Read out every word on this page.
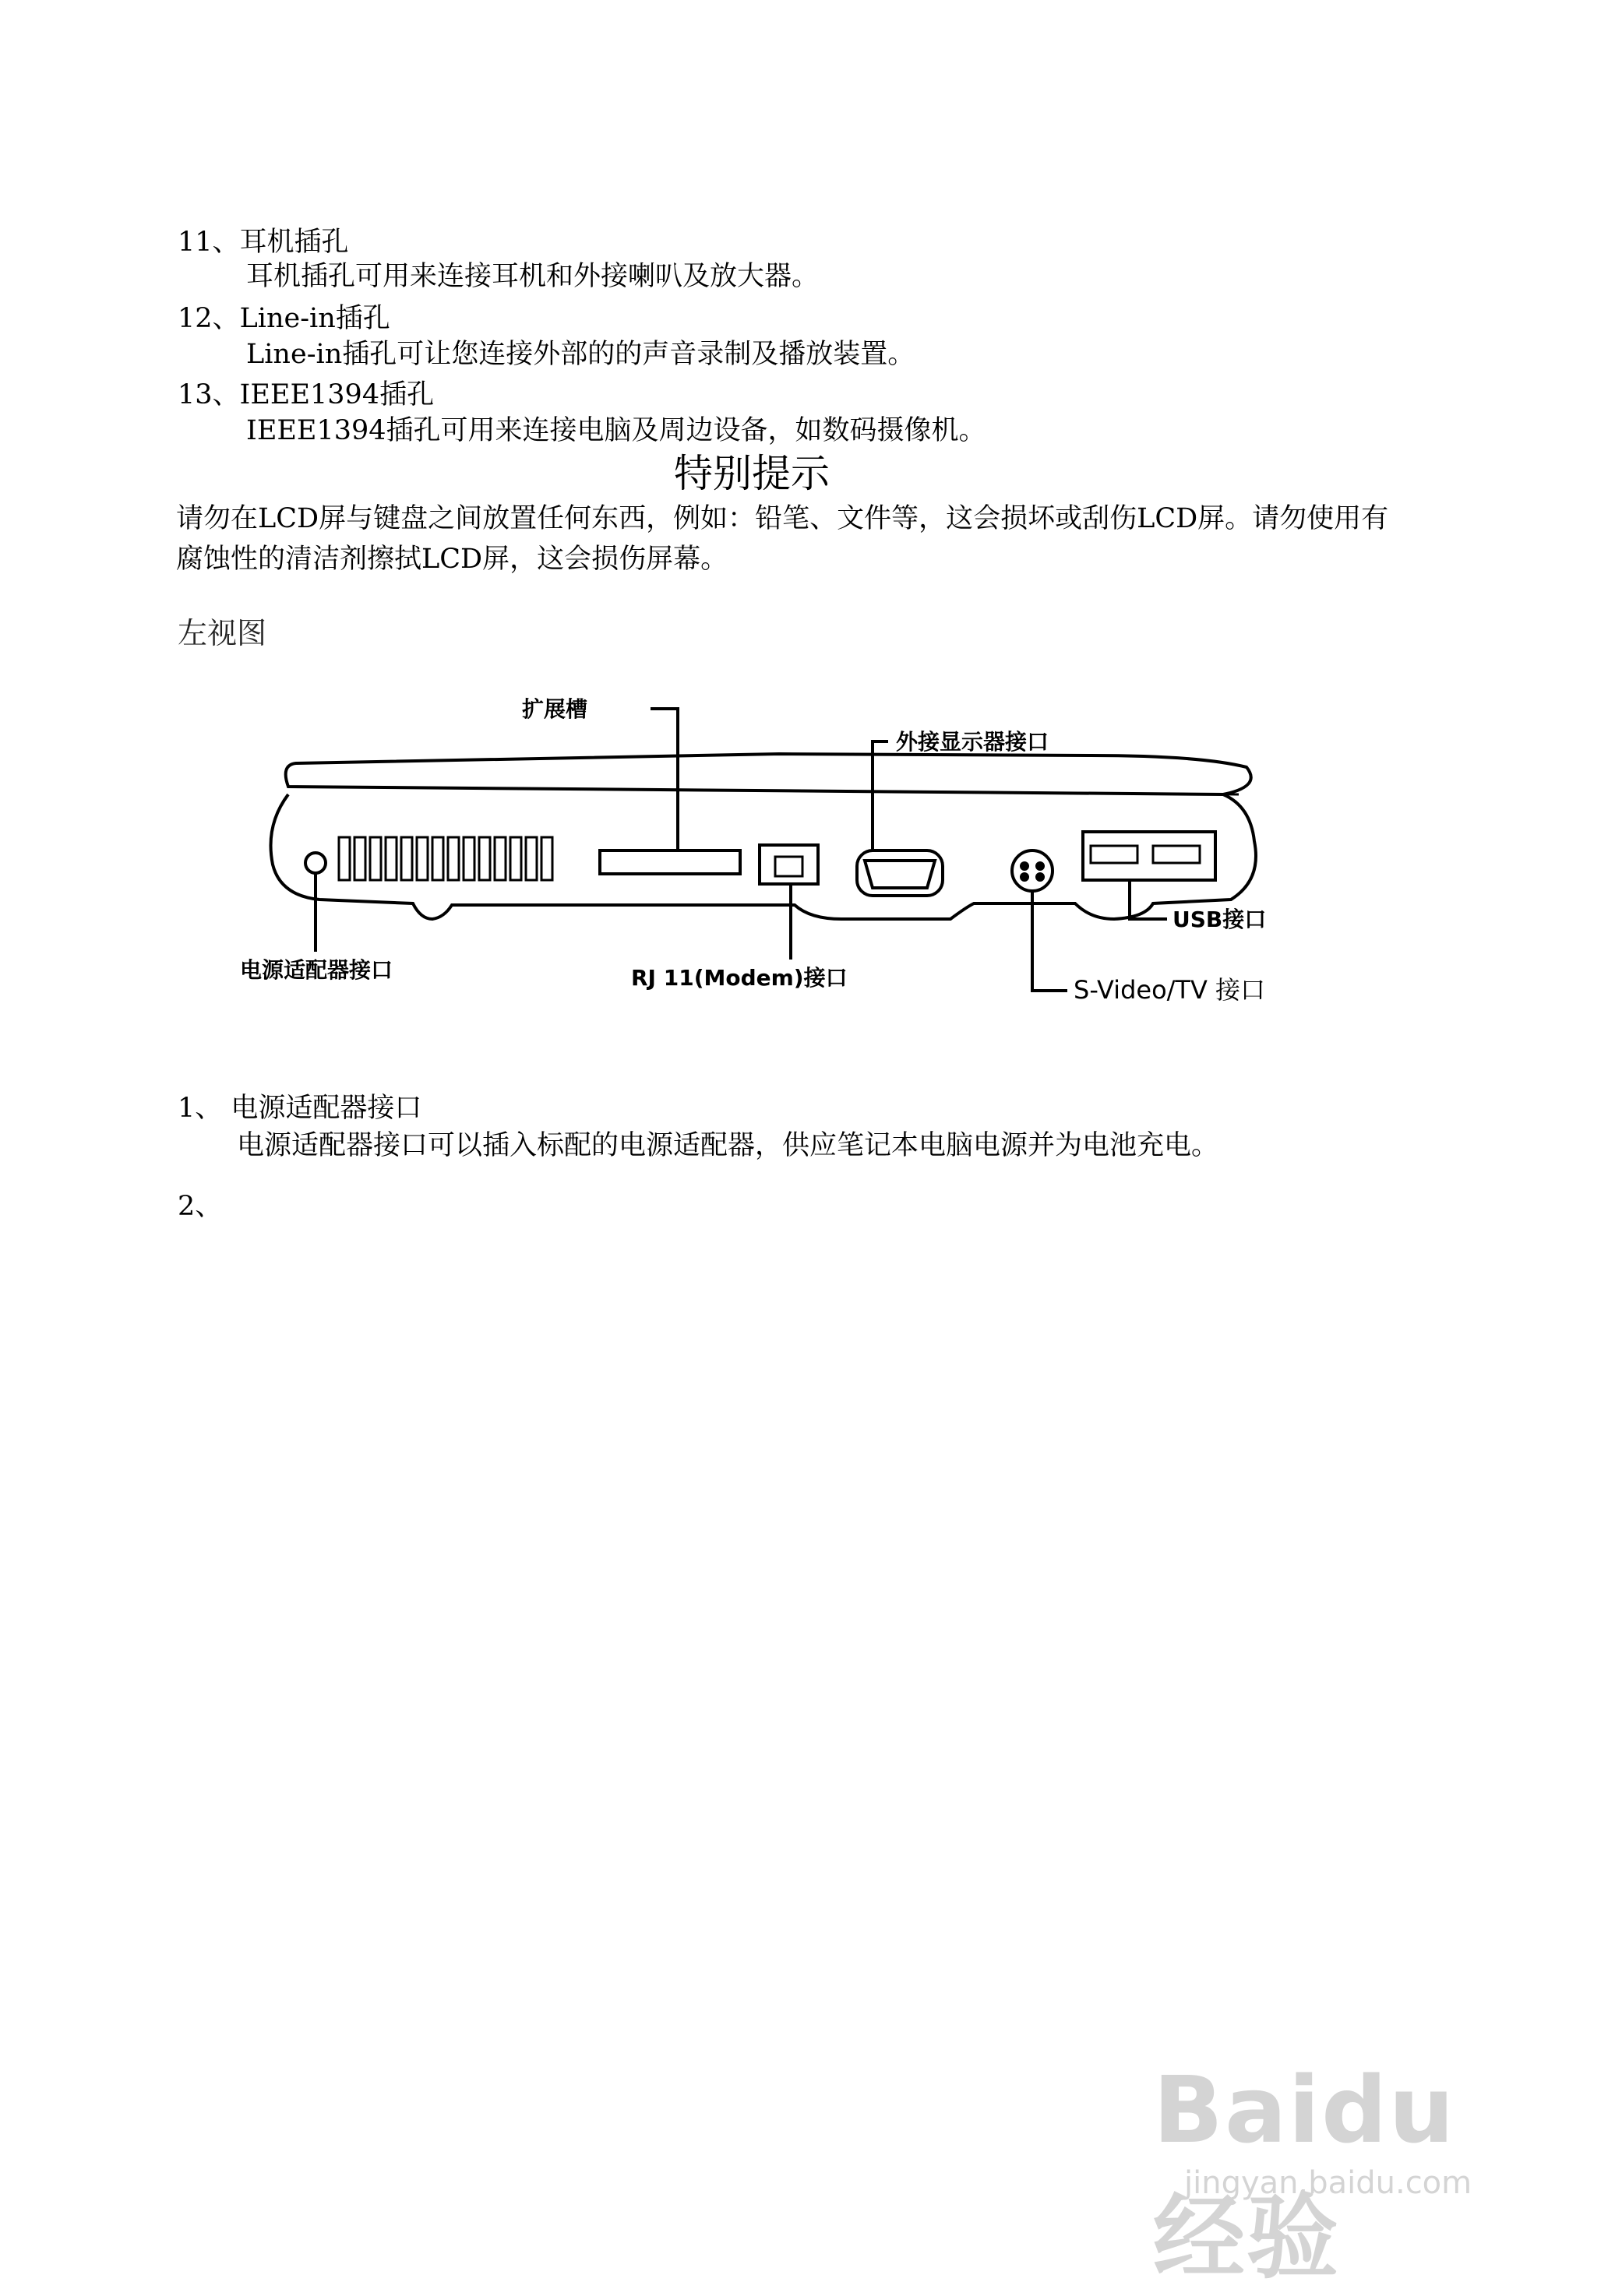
11、耳机插孔
耳机插孔可用来连接耳机和外接喇叭及放大器。
12、Line-in插孔
Line-in插孔可让您连接外部的的声音录制及播放装置。
13、IEEE1394插孔
IEEE1394插孔可用来连接电脑及周边设备，如数码摄像机。
特别提示
请勿在LCD屏与键盘之间放置任何东西，例如：铅笔、文件等，这会损坏或刮伤LCD屏。请勿使用有腐蚀性的清洁剂擦拭LCD屏，这会损伤屏幕。
左视图
扩展槽
外接显示器接口
电源适配器接口	RJ 11(Modem)接口
USB接口
S-Video/TV 接口
1、 电源适配器接口
电源适配器接口可以插入标配的电源适配器，供应笔记本电脑电源并为电池充电。
2、
Baidu 经验
jingyan.baidu.com
